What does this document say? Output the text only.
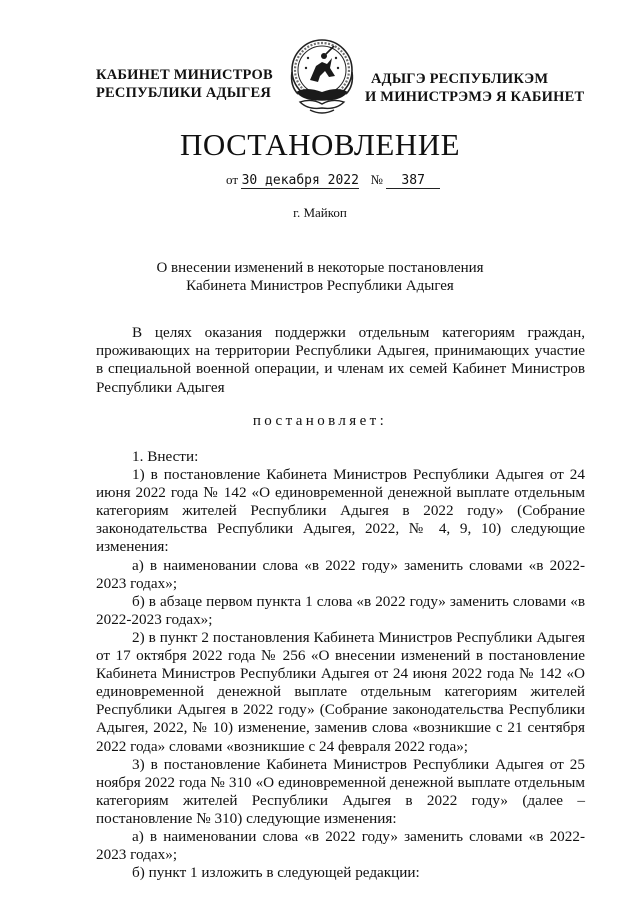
КАБИНЕТ МИНИСТРОВ
РЕСПУБЛИКИ АДЫГЕЯ
АДЫГЭ РЕСПУБЛИКЭМ
И МИНИСТРЭМЭ Я КАБИНЕТ
ПОСТАНОВЛЕНИЕ
от 30 декабря 2022 № 387
г. Майкоп
О внесении изменений в некоторые постановления
Кабинета Министров Республики Адыгея
В целях оказания поддержки отдельным категориям граждан, проживающих на территории Республики Адыгея, принимающих участие в специальной военной операции, и членам их семей Кабинет Министров Республики Адыгея
постановляет:

1. Внести:

1) в постановление Кабинета Министров Республики Адыгея от 24 июня 2022 года № 142 «О единовременной денежной выплате отдельным категориям жителей Республики Адыгея в 2022 году» (Собрание законодательства Республики Адыгея, 2022, № 4, 9, 10) следующие изменения:

а) в наименовании слова «в 2022 году» заменить словами «в 2022-2023 годах»;

б) в абзаце первом пункта 1 слова «в 2022 году» заменить словами «в 2022-2023 годах»;

2) в пункт 2 постановления Кабинета Министров Республики Адыгея от 17 октября 2022 года № 256 «О внесении изменений в постановление Кабинета Министров Республики Адыгея от 24 июня 2022 года № 142 «О единовременной денежной выплате отдельным категориям жителей Республики Адыгея в 2022 году» (Собрание законодательства Республики Адыгея, 2022, № 10) изменение, заменив слова «возникшие с 21 сентября 2022 года» словами «возникшие с 24 февраля 2022 года»;

3) в постановление Кабинета Министров Республики Адыгея от 25 ноября 2022 года № 310 «О единовременной денежной выплате отдельным категориям жителей Республики Адыгея в 2022 году» (далее – постановление № 310) следующие изменения:

а) в наименовании слова «в 2022 году» заменить словами «в 2022-2023 годах»;

б) пункт 1 изложить в следующей редакции:
